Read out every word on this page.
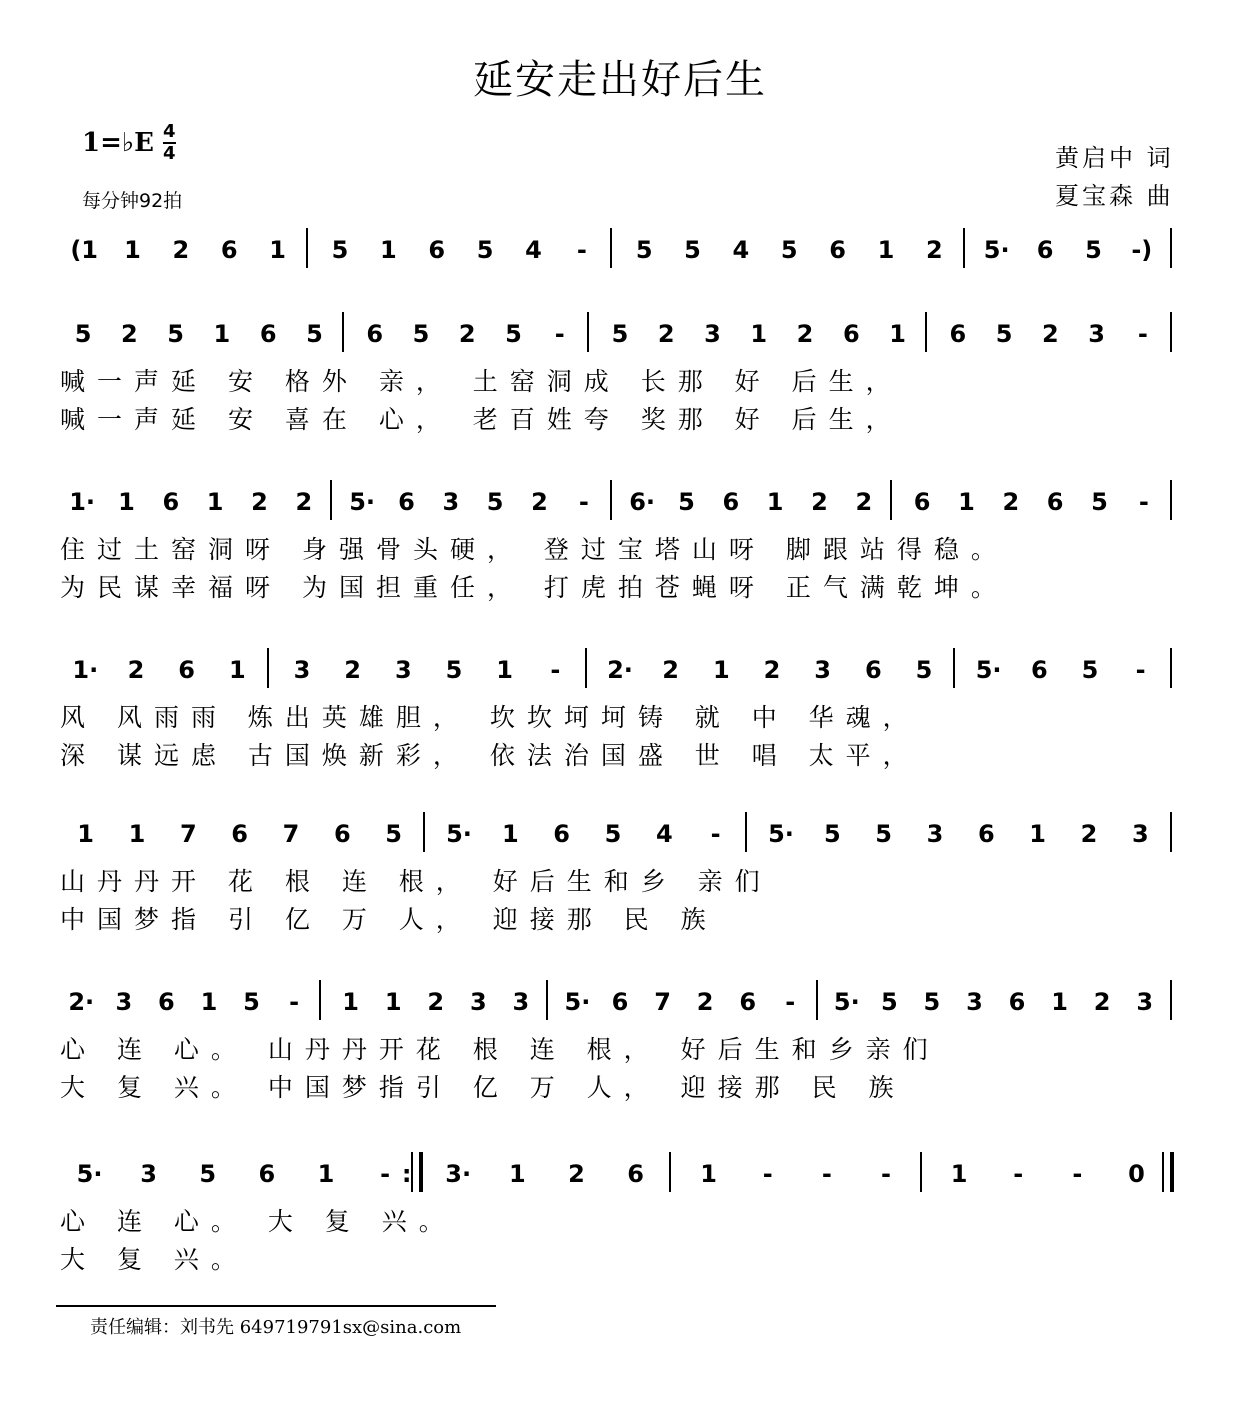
延安走出好后生
1=♭E 4
4
每分钟92拍
黄启中 词
夏宝森 曲
(1 1 2 6 1 5 1 6 5 4	-	5 5 4 5 6 1 2 5· 6 5 -)
5 2 5 1 6 5 6 5 2 5	-	5 2 3 1 2 6 1 6 5 2 3	-
喊一声延 安 格外 亲， 土窑洞成 长那 好 后生，
喊一声延 安 喜在 心， 老百姓夸 奖那 好 后生，
1· 1 6 1 2 2 5· 6 3 5 2	-	6· 5 6 1 2 2 6 1 2 6 5	-
住过土窑洞呀 身强骨头硬， 登过宝塔山呀 脚跟站得稳。
为民谋幸福呀 为国担重任， 打虎拍苍蝇呀 正气满乾坤。
1· 2 6 1 3 2 3 5 1	-	2· 2 1 2 3 6 5 5· 6 5	-
风 风雨雨 炼出英雄胆， 坎坎坷坷铸 就 中 华魂，
深 谋远虑 古国焕新彩， 依法治国盛 世 唱 太平，
1 1 7 6 7 6 5 5· 1 6 5 4	-	5· 5 5 3 6 1 2 3
山丹丹开 花 根 连 根， 好后生和乡 亲们
中国梦指 引 亿 万 人， 迎接那 民 族
2· 3 6 1 5	-	1 1 2 3 3 5· 6 7 2 6	-	5· 5 5 3 6 1 2 3
心 连 心。 山丹丹开花 根 连 根， 好后生和乡亲们
大 复 兴。 中国梦指引 亿 万 人， 迎接那 民 族
5· 3 5 6 1	- :	3· 1 2 6 1	-	-	-	1	-	-	0
心 连 心。 大 复 兴。
大 复 兴。
责任编辑：刘书先 649719791sx@sina.com
